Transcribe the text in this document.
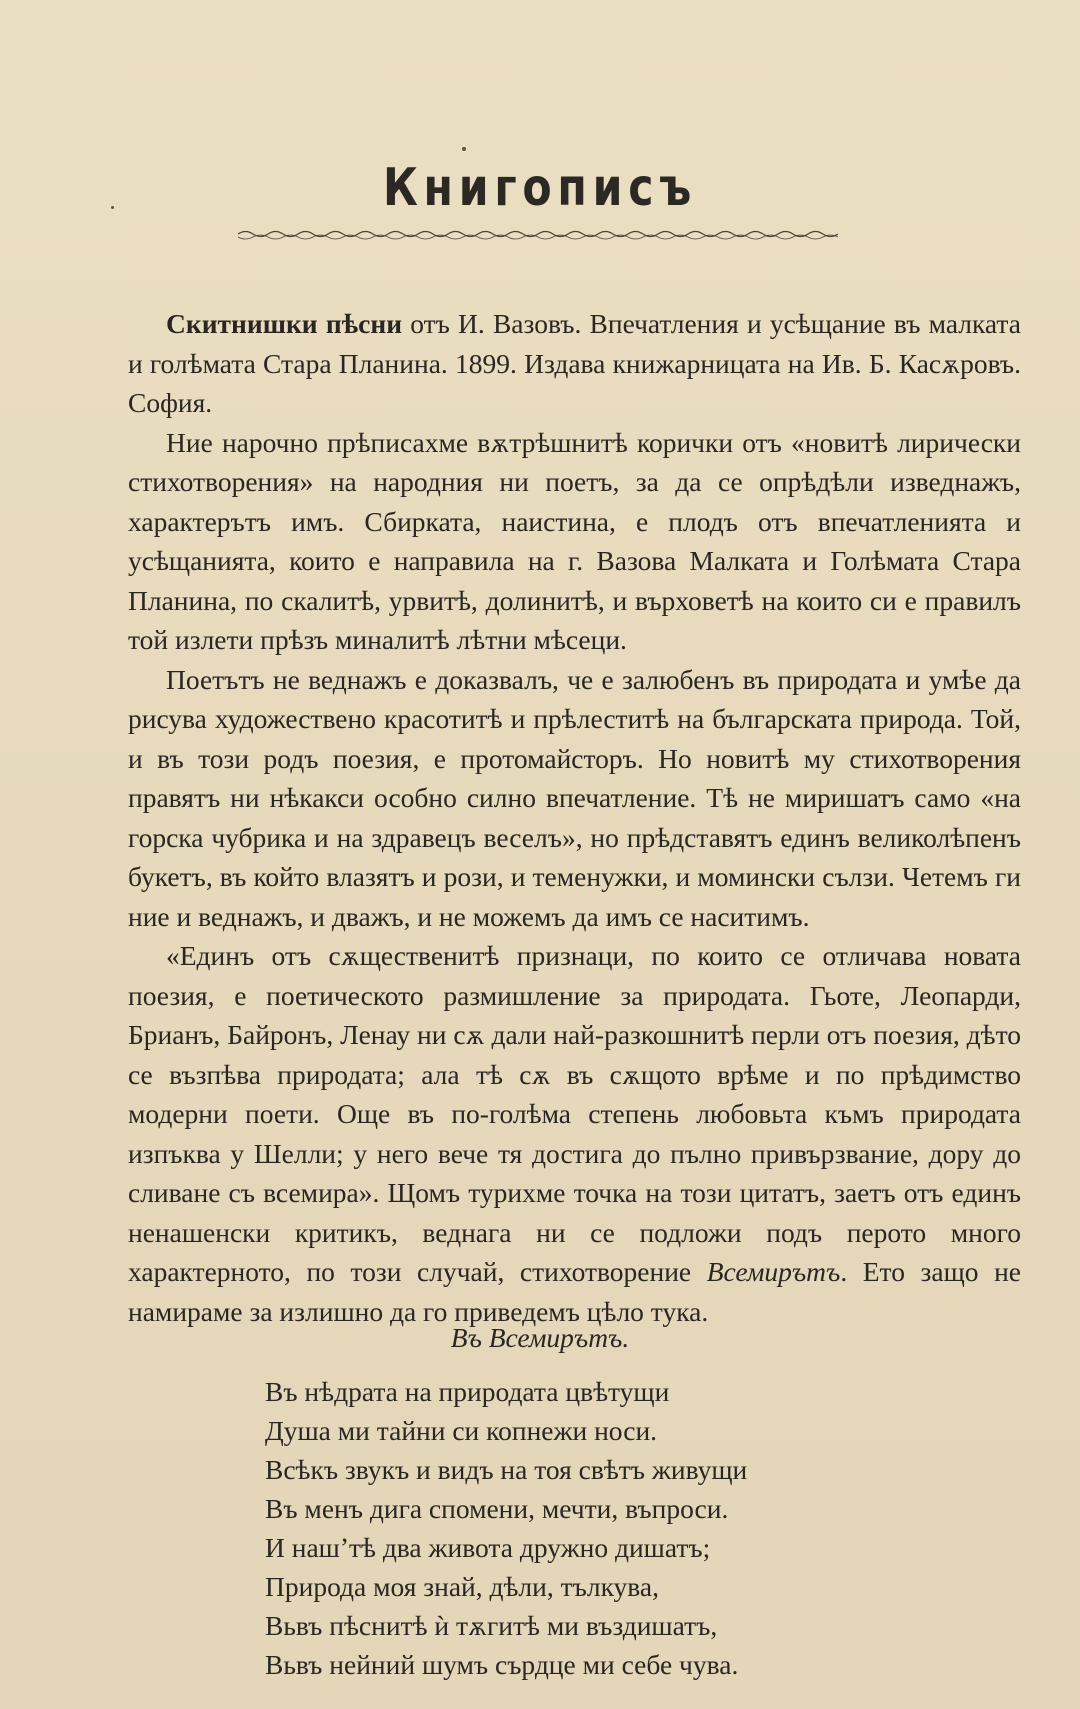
Книгописъ

Скитнишки пѣсни отъ И. Вазовъ. Впечатления и усѣщание въ малката и голѣмата Стара Планина. 1899. Издава книжарницата на Ив. Б. Касѫровъ. София.

Ние нарочно прѣписахме вѫтрѣшнитѣ корички отъ «новитѣ лирически стихотворения» на народния ни поетъ, за да се опрѣдѣли изведнажъ, характерътъ имъ. Сбирката, наистина, е плодъ отъ впечатленията и усѣщанията, които е направила на г. Вазова Малката и Голѣмата Стара Планина, по скалитѣ, урвитѣ, долинитѣ, и върховетѣ на които си е правилъ той излети прѣзъ миналитѣ лѣтни мѣсеци.

Поетътъ не веднажъ е доказвалъ, че е залюбенъ въ природата и умѣе да рисува художествено красотитѣ и прѣлеститѣ на българската природа. Той, и въ този родъ поезия, е протомайсторъ. Но новитѣ му стихотворения правятъ ни нѣкакси особно силно впечатление. Тѣ не миришатъ само «на горска чубрика и на здравецъ веселъ», но прѣдставятъ единъ великолѣпенъ букетъ, въ който влазятъ и рози, и теменужки, и момински сълзи. Четемъ ги ние и веднажъ, и дважъ, и не можемъ да имъ се наситимъ.

«Единъ отъ сѫщественитѣ признаци, по които се отличава новата поезия, е поетическото размишление за природата. Гьоте, Леопарди, Брианъ, Байронъ, Ленау ни сѫ дали най-разкошнитѣ перли отъ поезия, дѣто се възпѣва природата; ала тѣ сѫ въ сѫщото врѣме и по прѣдимство модерни поети. Още въ по-голѣма степень любовьта къмъ природата изпъква у Шелли; у него вече тя достига до пълно привързвание, дору до сливане съ всемира». Щомъ турихме точка на този цитатъ, заетъ отъ единъ ненашенски критикъ, веднага ни се подложи подъ перото много характерното, по този случай, стихотворение Всемирътъ. Ето защо не намираме за излишно да го приведемъ цѣло тука.

Въ Всемирътъ.
Въ нѣдрата на природата цвѣтущи
Душа ми тайни си копнежи носи.
Всѣкъ звукъ и видъ на тоя свѣтъ живущи
Въ менъ дига спомени, мечти, въпроси.
И нашʼтѣ два живота дружно дишатъ;
Природа моя знай, дѣли, тълкува,
Вьвъ пѣснитѣ ѝ тѫгитѣ ми въздишатъ,
Вьвъ нейний шумъ сърдце ми себе чува.
